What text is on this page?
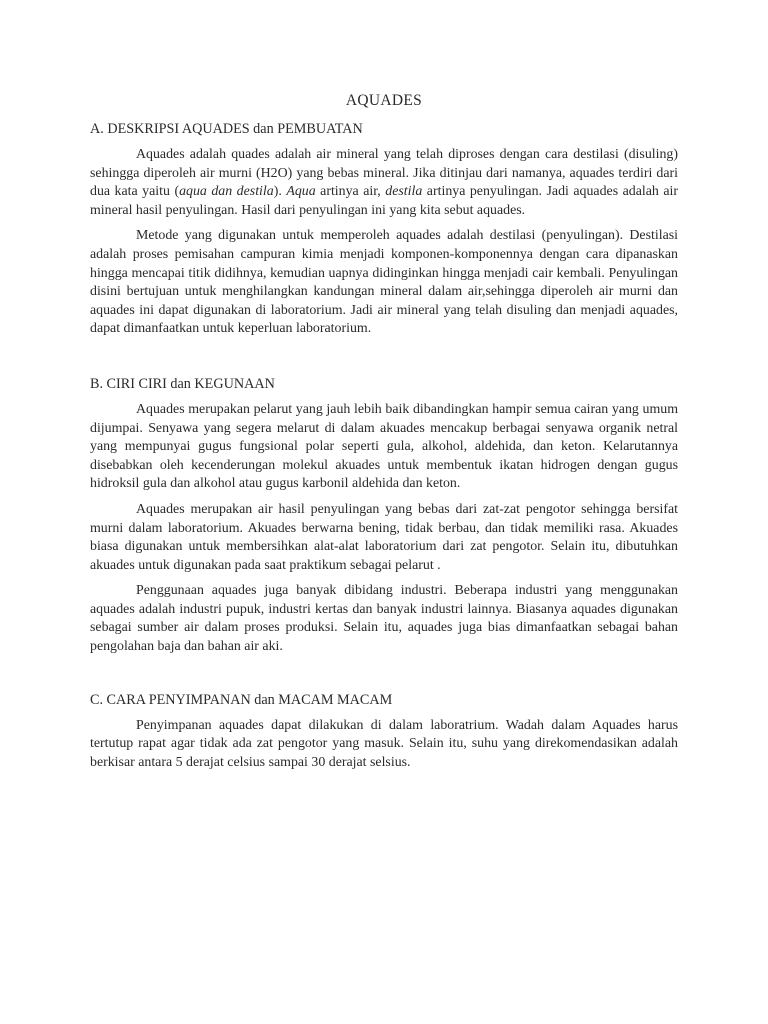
AQUADES
A. DESKRIPSI AQUADES dan PEMBUATAN

Aquades adalah quades adalah air mineral yang telah diproses dengan cara destilasi (disuling) sehingga diperoleh air murni (H2O) yang bebas mineral. Jika ditinjau dari namanya, aquades terdiri dari dua kata yaitu (aqua dan destila). Aqua artinya air, destila artinya penyulingan. Jadi aquades adalah air mineral hasil penyulingan. Hasil dari penyulingan ini yang kita sebut aquades.

Metode yang digunakan untuk memperoleh aquades adalah destilasi (penyulingan). Destilasi adalah proses pemisahan campuran kimia menjadi komponen-komponennya dengan cara dipanaskan hingga mencapai titik didihnya, kemudian uapnya didinginkan hingga menjadi cair kembali. Penyulingan disini bertujuan untuk menghilangkan kandungan mineral dalam air,sehingga diperoleh air murni dan aquades ini dapat digunakan di laboratorium. Jadi air mineral yang telah disuling dan menjadi aquades, dapat dimanfaatkan untuk keperluan laboratorium.

B. CIRI CIRI dan KEGUNAAN

Aquades merupakan pelarut yang jauh lebih baik dibandingkan hampir semua cairan yang umum dijumpai. Senyawa yang segera melarut di dalam akuades mencakup berbagai senyawa organik netral yang mempunyai gugus fungsional polar seperti gula, alkohol, aldehida, dan keton. Kelarutannya disebabkan oleh kecenderungan molekul akuades untuk membentuk ikatan hidrogen dengan gugus hidroksil gula dan alkohol atau gugus karbonil aldehida dan keton.

Aquades merupakan air hasil penyulingan yang bebas dari zat-zat pengotor sehingga bersifat murni dalam laboratorium. Akuades berwarna bening, tidak berbau, dan tidak memiliki rasa. Akuades biasa digunakan untuk membersihkan alat-alat laboratorium dari zat pengotor. Selain itu, dibutuhkan akuades untuk digunakan pada saat praktikum sebagai pelarut .

Penggunaan aquades juga banyak dibidang industri. Beberapa industri yang menggunakan aquades adalah industri pupuk, industri kertas dan banyak industri lainnya. Biasanya aquades digunakan sebagai sumber air dalam proses produksi. Selain itu, aquades juga bias dimanfaatkan sebagai bahan pengolahan baja dan bahan air aki.

C. CARA PENYIMPANAN dan MACAM MACAM

Penyimpanan aquades dapat dilakukan di dalam laboratrium. Wadah dalam Aquades harus tertutup rapat agar tidak ada zat pengotor yang masuk. Selain itu, suhu yang direkomendasikan adalah berkisar antara 5 derajat celsius sampai 30 derajat selsius.
